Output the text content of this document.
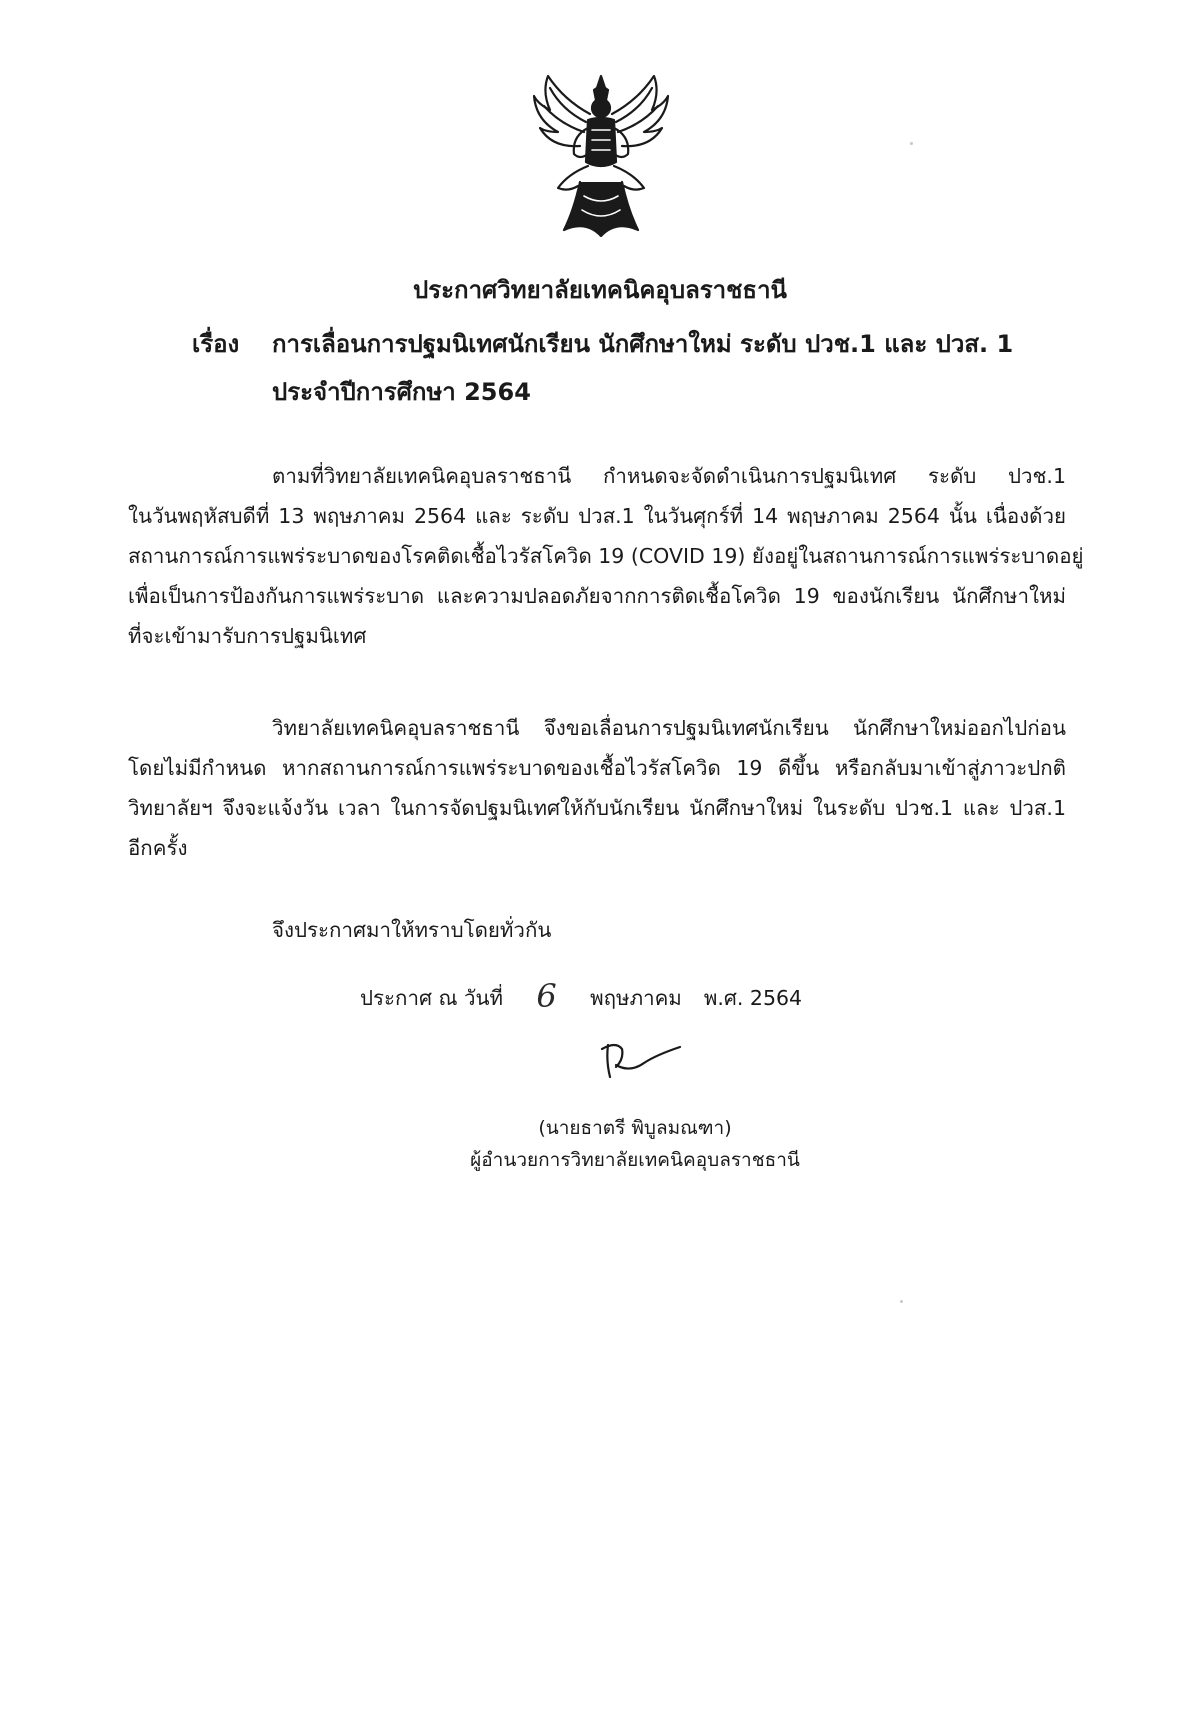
ประกาศวิทยาลัยเทคนิคอุบลราชธานี
เรื่อง การเลื่อนการปฐมนิเทศนักเรียน นักศึกษาใหม่ ระดับ ปวช.1 และ ปวส. 1
ประจำปีการศึกษา 2564
ตามที่วิทยาลัยเทคนิคอุบลราชธานี กำหนดจะจัดดำเนินการปฐมนิเทศ ระดับ ปวช.1
ในวันพฤหัสบดีที่ 13 พฤษภาคม 2564 และ ระดับ ปวส.1 ในวันศุกร์ที่ 14 พฤษภาคม 2564 นั้น เนื่องด้วย
สถานการณ์การแพร่ระบาดของโรคติดเชื้อไวรัสโควิด 19 (COVID 19) ยังอยู่ในสถานการณ์การแพร่ระบาดอยู่
เพื่อเป็นการป้องกันการแพร่ระบาด และความปลอดภัยจากการติดเชื้อโควิด 19 ของนักเรียน นักศึกษาใหม่
ที่จะเข้ามารับการปฐมนิเทศ
วิทยาลัยเทคนิคอุบลราชธานี จึงขอเลื่อนการปฐมนิเทศนักเรียน นักศึกษาใหม่ออกไปก่อน
โดยไม่มีกำหนด หากสถานการณ์การแพร่ระบาดของเชื้อไวรัสโควิด 19 ดีขึ้น หรือกลับมาเข้าสู่ภาวะปกติ
วิทยาลัยฯ จึงจะแจ้งวัน เวลา ในการจัดปฐมนิเทศให้กับนักเรียน นักศึกษาใหม่ ในระดับ ปวช.1 และ ปวส.1
อีกครั้ง
จึงประกาศมาให้ทราบโดยทั่วกัน
ประกาศ ณ วันที่ 6 พฤษภาคม พ.ศ. 2564
(นายธาตรี พิบูลมณฑา)
ผู้อำนวยการวิทยาลัยเทคนิคอุบลราชธานี
